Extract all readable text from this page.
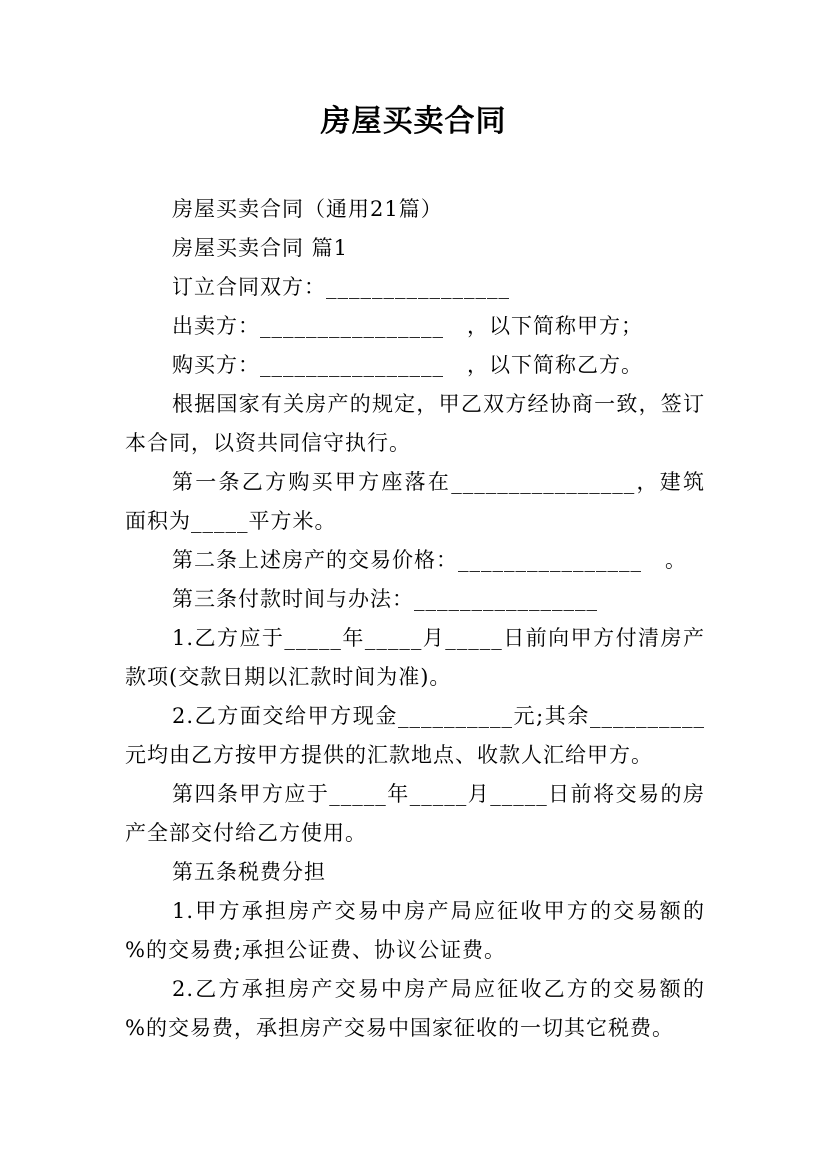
房屋买卖合同

房屋买卖合同（通用21篇）

房屋买卖合同 篇1

订立合同双方：________________

出卖方：________________   ，以下简称甲方；

购买方：________________   ，以下简称乙方。

根据国家有关房产的规定，甲乙双方经协商一致，签订本合同，以资共同信守执行。

第一条乙方购买甲方座落在________________，建筑面积为_____平方米。

第二条上述房产的交易价格：________________   。

第三条付款时间与办法：________________

1.乙方应于_____年_____月_____日前向甲方付清房产款项(交款日期以汇款时间为准)。

2.乙方面交给甲方现金__________元;其余__________元均由乙方按甲方提供的汇款地点、收款人汇给甲方。

第四条甲方应于_____年_____月_____日前将交易的房产全部交付给乙方使用。

第五条税费分担

1.甲方承担房产交易中房产局应征收甲方的交易额的 %的交易费;承担公证费、协议公证费。

2.乙方承担房产交易中房产局应征收乙方的交易额的 %的交易费，承担房产交易中国家征收的一切其它税费。
